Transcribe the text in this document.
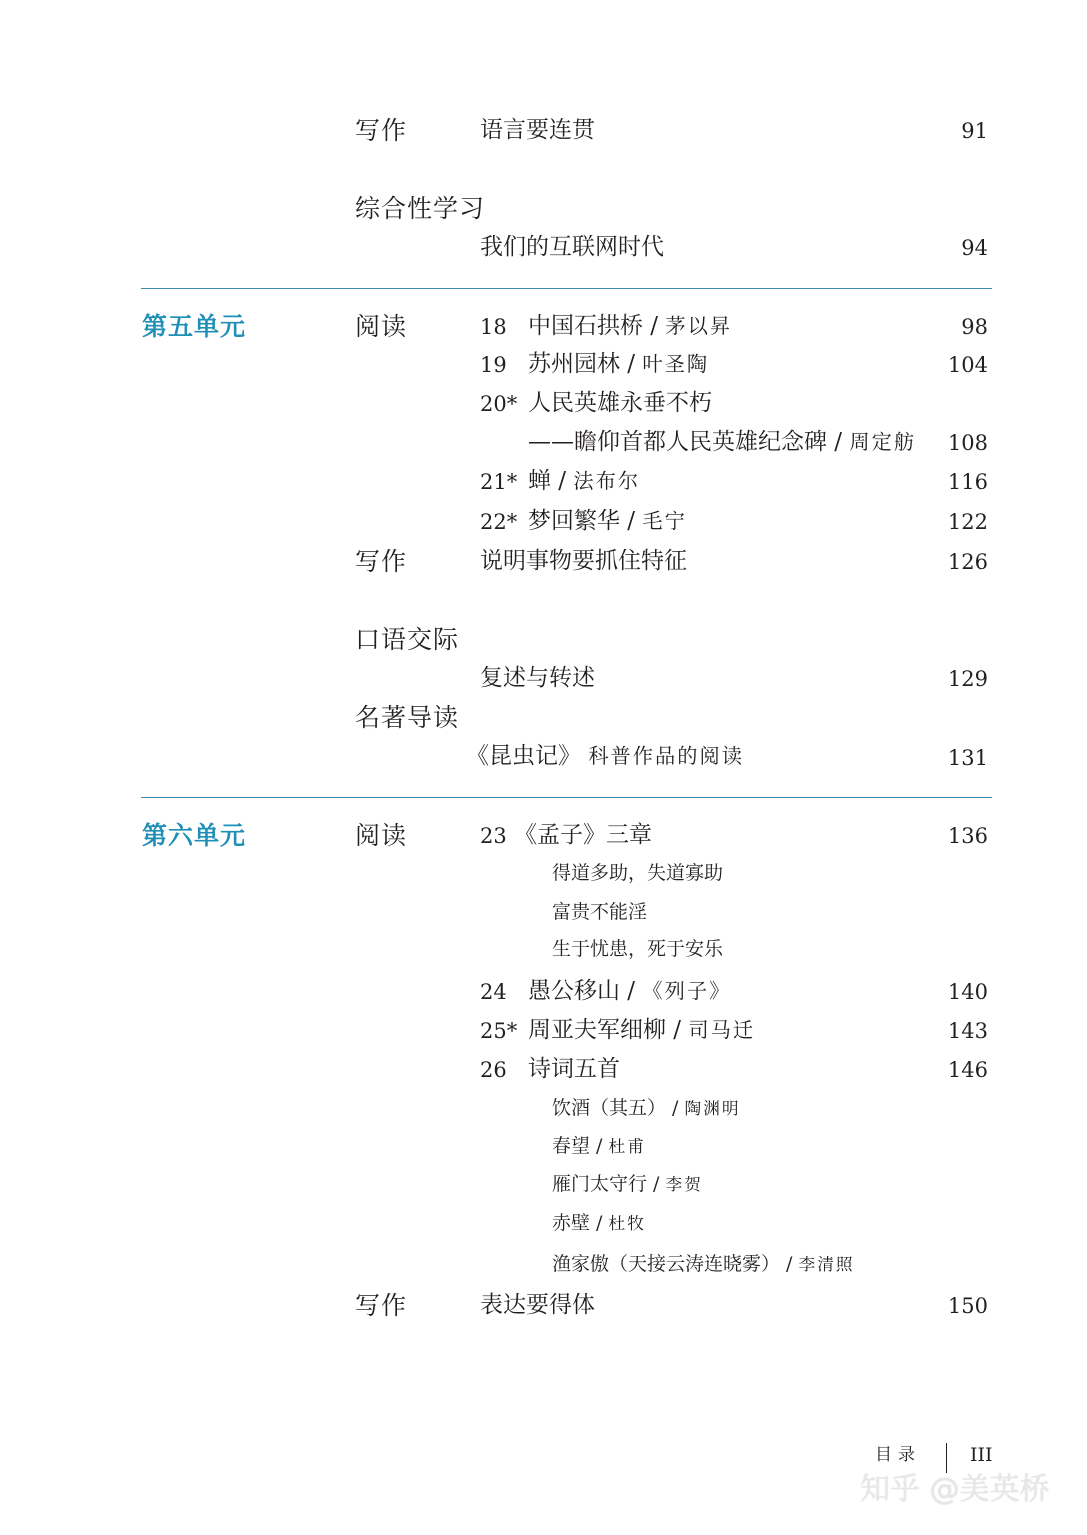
写作	语言要连贯	91
综合性学习
我们的互联网时代	94
第五单元	阅读	18 中国石拱桥 / 茅以昇	98
19 苏州园林 / 叶圣陶	104
20* 人民英雄永垂不朽
——瞻仰首都人民英雄纪念碑 / 周定舫 108
21* 蝉 / 法布尔	116
22* 梦回繁华 / 毛宁	122
写作	说明事物要抓住特征	126
口语交际
复述与转述	129
名著导读
《昆虫记》 科普作品的阅读	131
第六单元	阅读	23 《孟子》三章	136
得道多助，失道寡助
富贵不能淫
生于忧患，死于安乐
24 愚公移山 / 《列子》	140
25* 周亚夫军细柳 / 司马迁	143
26 诗词五首	146
饮酒（其五） / 陶渊明
春望 / 杜甫
雁门太守行 / 李贺
赤壁 / 杜牧
渔家傲（天接云涛连晓雾） / 李清照
写作	表达要得体	150
目录	III
知乎 @美英桥
